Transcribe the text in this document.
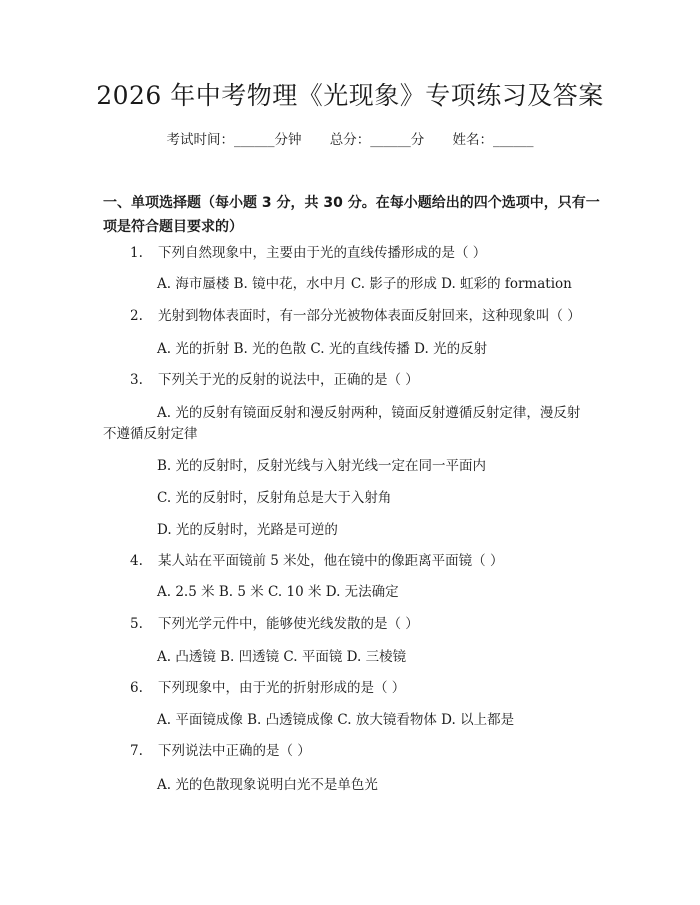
2026 年中考物理《光现象》专项练习及答案
考试时间：______分钟 总分：______分 姓名：______
一、单项选择题（每小题 3 分，共 30 分。在每小题给出的四个选项中，只有一项是符合题目要求的）
1. 下列自然现象中，主要由于光的直线传播形成的是（ ）
A. 海市蜃楼 B. 镜中花，水中月 C. 影子的形成 D. 虹彩的 formation
2. 光射到物体表面时，有一部分光被物体表面反射回来，这种现象叫（ ）
A. 光的折射 B. 光的色散 C. 光的直线传播 D. 光的反射
3. 下列关于光的反射的说法中，正确的是（ ）
A. 光的反射有镜面反射和漫反射两种，镜面反射遵循反射定律，漫反射
不遵循反射定律
B. 光的反射时，反射光线与入射光线一定在同一平面内
C. 光的反射时，反射角总是大于入射角
D. 光的反射时，光路是可逆的
4. 某人站在平面镜前 5 米处，他在镜中的像距离平面镜（ ）
A. 2.5 米 B. 5 米 C. 10 米 D. 无法确定
5. 下列光学元件中，能够使光线发散的是（ ）
A. 凸透镜 B. 凹透镜 C. 平面镜 D. 三棱镜
6. 下列现象中，由于光的折射形成的是（ ）
A. 平面镜成像 B. 凸透镜成像 C. 放大镜看物体 D. 以上都是
7. 下列说法中正确的是（ ）
A. 光的色散现象说明白光不是单色光
